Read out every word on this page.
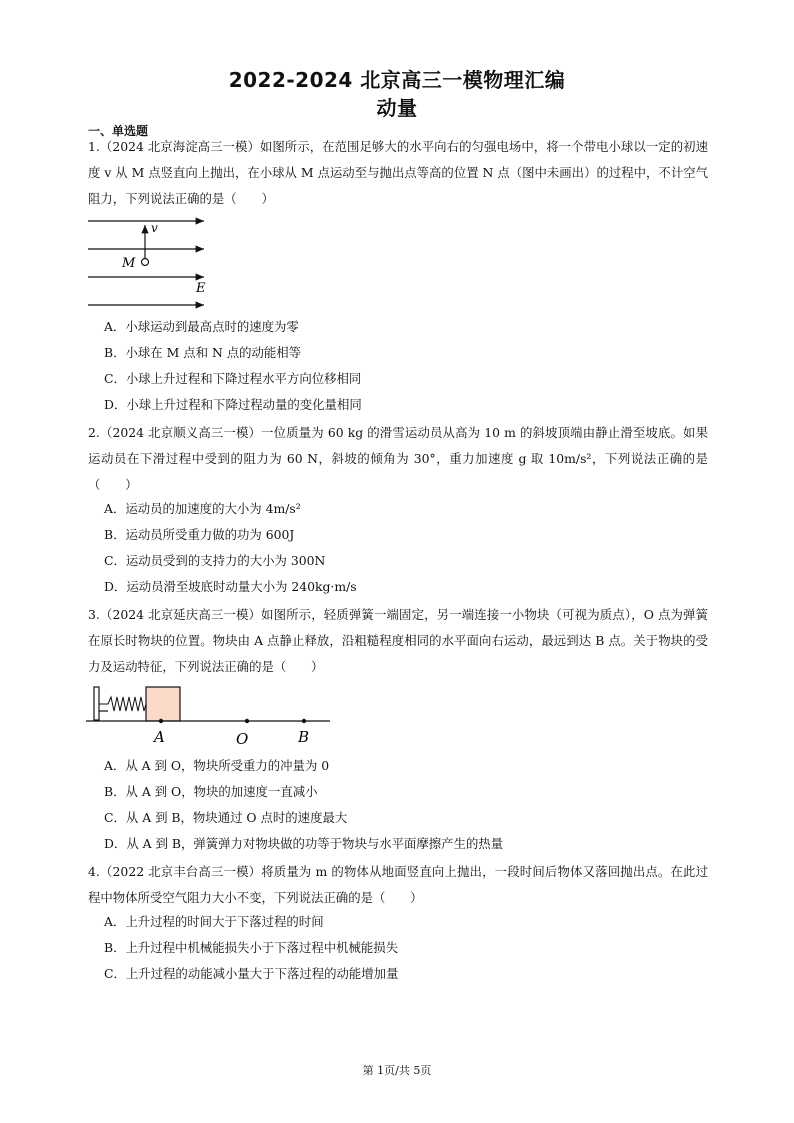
2022-2024 北京高三一模物理汇编
动量
一、单选题
1.（2024 北京海淀高三一模）如图所示，在范围足够大的水平向右的匀强电场中，将一个带电小球以一定的初速度 v 从 M 点竖直向上抛出，在小球从 M 点运动至与抛出点等高的位置 N 点（图中未画出）的过程中，不计空气阻力，下列说法正确的是（　　）
v
M
E
A．小球运动到最高点时的速度为零
B．小球在 M 点和 N 点的动能相等
C．小球上升过程和下降过程水平方向位移相同
D．小球上升过程和下降过程动量的变化量相同
2.（2024 北京顺义高三一模）一位质量为 60 kg 的滑雪运动员从高为 10 m 的斜坡顶端由静止滑至坡底。如果运动员在下滑过程中受到的阻力为 60 N，斜坡的倾角为 30°，重力加速度 g 取 10m/s²，下列说法正确的是（　　）
A．运动员的加速度的大小为 4m/s²
B．运动员所受重力做的功为 600J
C．运动员受到的支持力的大小为 300N
D．运动员滑至坡底时动量大小为 240kg·m/s
3.（2024 北京延庆高三一模）如图所示，轻质弹簧一端固定，另一端连接一小物块（可视为质点），O 点为弹簧在原长时物块的位置。物块由 A 点静止释放，沿粗糙程度相同的水平面向右运动，最远到达 B 点。关于物块的受力及运动特征，下列说法正确的是（　　）
A	O	B
A．从 A 到 O，物块所受重力的冲量为 0
B．从 A 到 O，物块的加速度一直减小
C．从 A 到 B，物块通过 O 点时的速度最大
D．从 A 到 B，弹簧弹力对物块做的功等于物块与水平面摩擦产生的热量
4.（2022 北京丰台高三一模）将质量为 m 的物体从地面竖直向上抛出，一段时间后物体又落回抛出点。在此过程中物体所受空气阻力大小不变，下列说法正确的是（　　）
A．上升过程的时间大于下落过程的时间
B．上升过程中机械能损失小于下落过程中机械能损失
C．上升过程的动能减小量大于下落过程的动能增加量
第 1页/共 5页
